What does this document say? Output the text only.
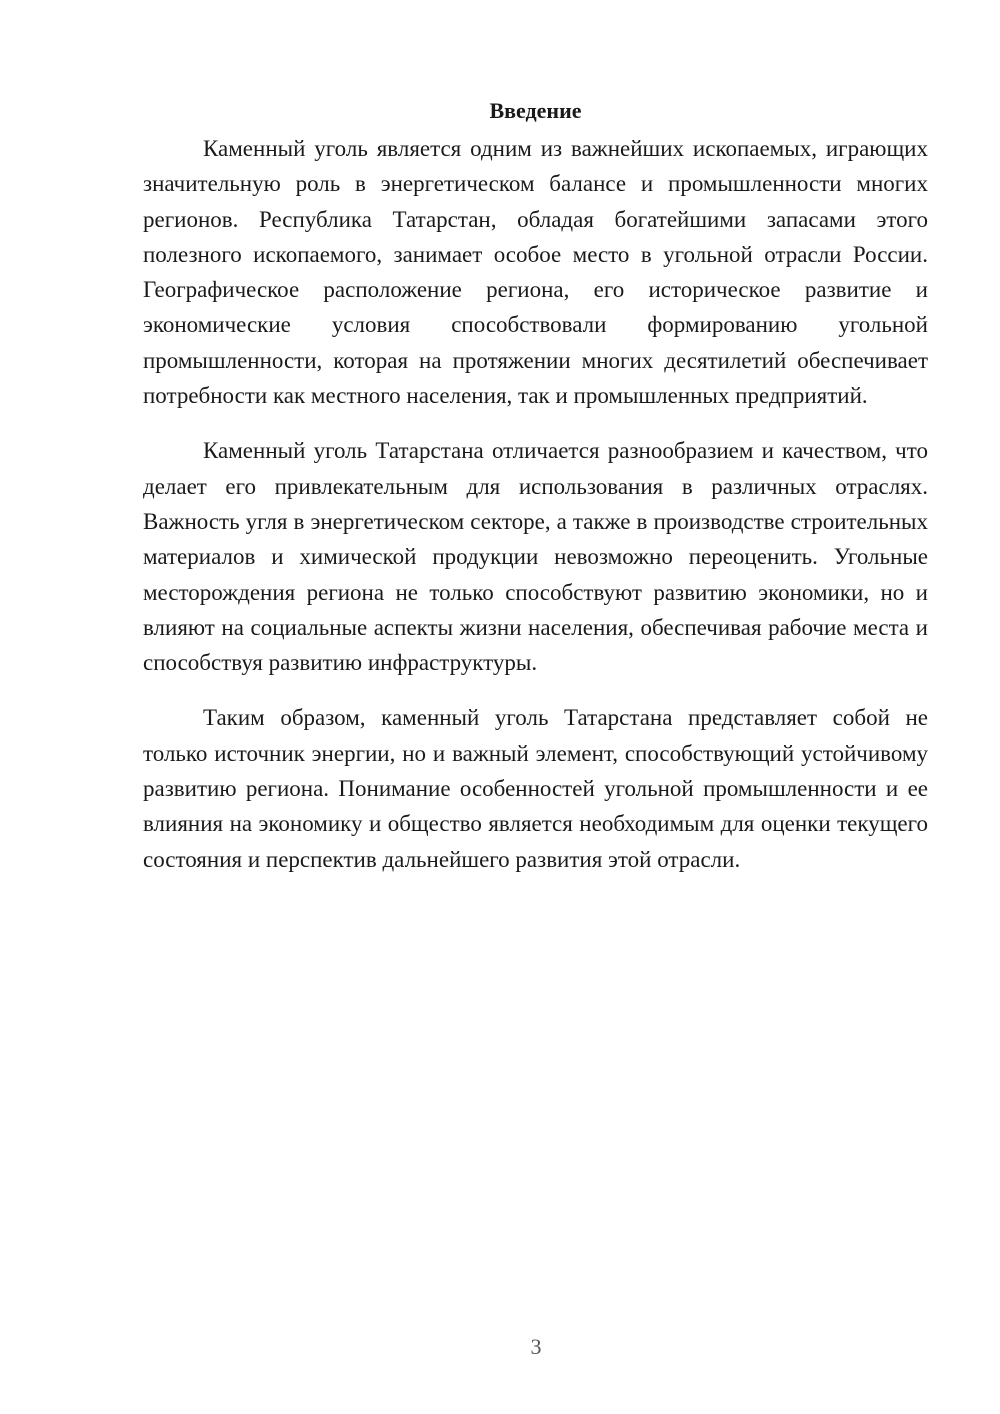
Введение

Каменный уголь является одним из важнейших ископаемых, играющих значительную роль в энергетическом балансе и промышленности многих регионов. Республика Татарстан, обладая богатейшими запасами этого полезного ископаемого, занимает особое место в угольной отрасли России. Географическое расположение региона, его историческое развитие и экономические условия способствовали формированию угольной промышленности, которая на протяжении многих десятилетий обеспечивает потребности как местного населения, так и промышленных предприятий.

Каменный уголь Татарстана отличается разнообразием и качеством, что делает его привлекательным для использования в различных отраслях. Важность угля в энергетическом секторе, а также в производстве строительных материалов и химической продукции невозможно переоценить. Угольные месторождения региона не только способствуют развитию экономики, но и влияют на социальные аспекты жизни населения, обеспечивая рабочие места и способствуя развитию инфраструктуры.

Таким образом, каменный уголь Татарстана представляет собой не только источник энергии, но и важный элемент, способствующий устойчивому развитию региона. Понимание особенностей угольной промышленности и ее влияния на экономику и общество является необходимым для оценки текущего состояния и перспектив дальнейшего развития этой отрасли.

3
